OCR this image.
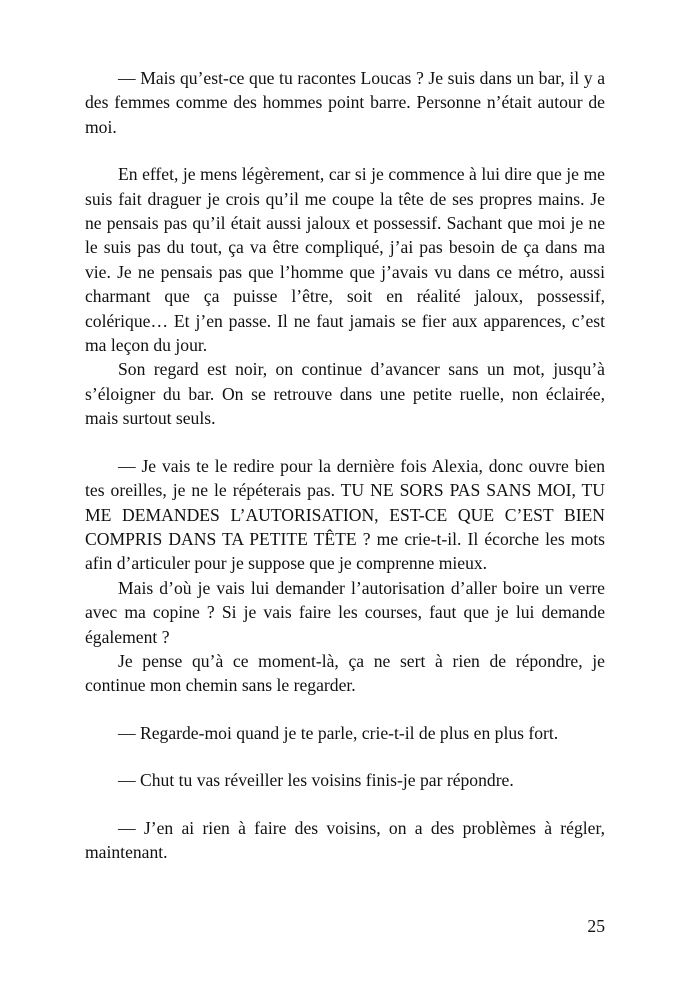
— Mais qu’est-ce que tu racontes Loucas ? Je suis dans un bar, il y a des femmes comme des hommes point barre. Personne n’était autour de moi.

En effet, je mens légèrement, car si je commence à lui dire que je me suis fait draguer je crois qu’il me coupe la tête de ses propres mains. Je ne pensais pas qu’il était aussi jaloux et possessif. Sachant que moi je ne le suis pas du tout, ça va être compliqué, j’ai pas besoin de ça dans ma vie. Je ne pensais pas que l’homme que j’avais vu dans ce métro, aussi charmant que ça puisse l’être, soit en réalité jaloux, possessif, colérique… Et j’en passe. Il ne faut jamais se fier aux apparences, c’est ma leçon du jour.

Son regard est noir, on continue d’avancer sans un mot, jusqu’à s’éloigner du bar. On se retrouve dans une petite ruelle, non éclairée, mais surtout seuls.

— Je vais te le redire pour la dernière fois Alexia, donc ouvre bien tes oreilles, je ne le répéterais pas. TU NE SORS PAS SANS MOI, TU ME DEMANDES L’AUTORISATION, EST-CE QUE C’EST BIEN COMPRIS DANS TA PETITE TÊTE ? me crie-t-il. Il écorche les mots afin d’articuler pour je suppose que je comprenne mieux.

Mais d’où je vais lui demander l’autorisation d’aller boire un verre avec ma copine ? Si je vais faire les courses, faut que je lui demande également ?

Je pense qu’à ce moment-là, ça ne sert à rien de répondre, je continue mon chemin sans le regarder.

— Regarde-moi quand je te parle, crie-t-il de plus en plus fort.

— Chut tu vas réveiller les voisins finis-je par répondre.

— J’en ai rien à faire des voisins, on a des problèmes à régler, maintenant.

25
